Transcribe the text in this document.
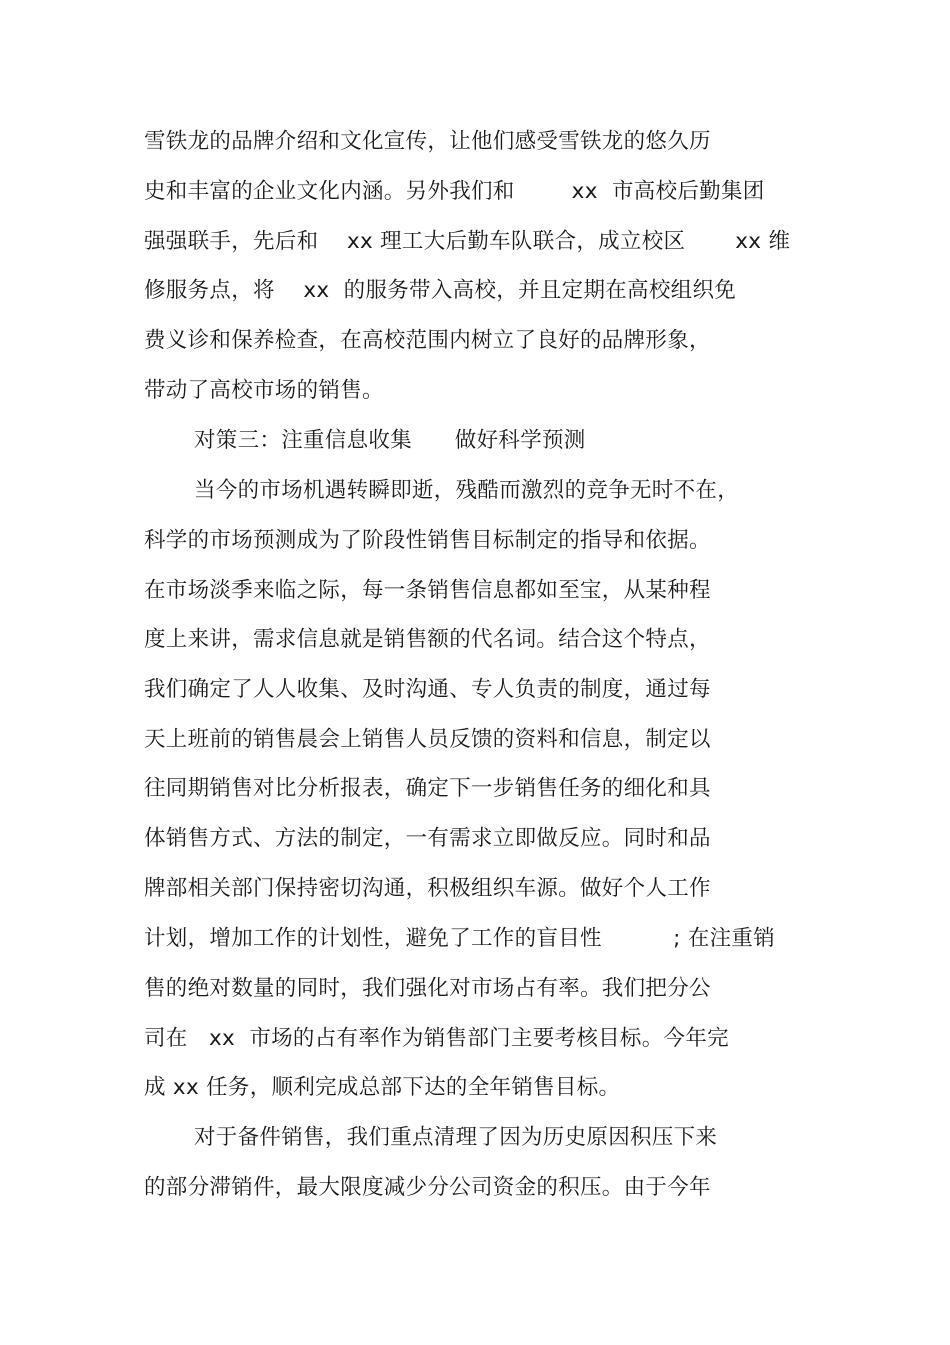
雪铁龙的品牌介绍和文化宣传，让他们感受雪铁龙的悠久历
史和丰富的企业文化内涵。另外我们和        xx  市高校后勤集团
强强联手，先后和    xx 理工大后勤车队联合，成立校区       xx 维
修服务点，将    xx  的服务带入高校，并且定期在高校组织免
费义诊和保养检查，在高校范围内树立了良好的品牌形象，
带动了高校市场的销售。
对策三：注重信息收集      做好科学预测
当今的市场机遇转瞬即逝，残酷而激烈的竞争无时不在，
科学的市场预测成为了阶段性销售目标制定的指导和依据。
在市场淡季来临之际，每一条销售信息都如至宝，从某种程
度上来讲，需求信息就是销售额的代名词。结合这个特点，
我们确定了人人收集、及时沟通、专人负责的制度，通过每
天上班前的销售晨会上销售人员反馈的资料和信息，制定以
往同期销售对比分析报表，确定下一步销售任务的细化和具
体销售方式、方法的制定，一有需求立即做反应。同时和品
牌部相关部门保持密切沟通，积极组织车源。做好个人工作
计划，增加工作的计划性，避免了工作的盲目性          ; 在注重销
售的绝对数量的同时，我们强化对市场占有率。我们把分公
司在   xx  市场的占有率作为销售部门主要考核目标。今年完
成 xx 任务，顺利完成总部下达的全年销售目标。
对于备件销售，我们重点清理了因为历史原因积压下来
的部分滞销件，最大限度减少分公司资金的积压。由于今年
